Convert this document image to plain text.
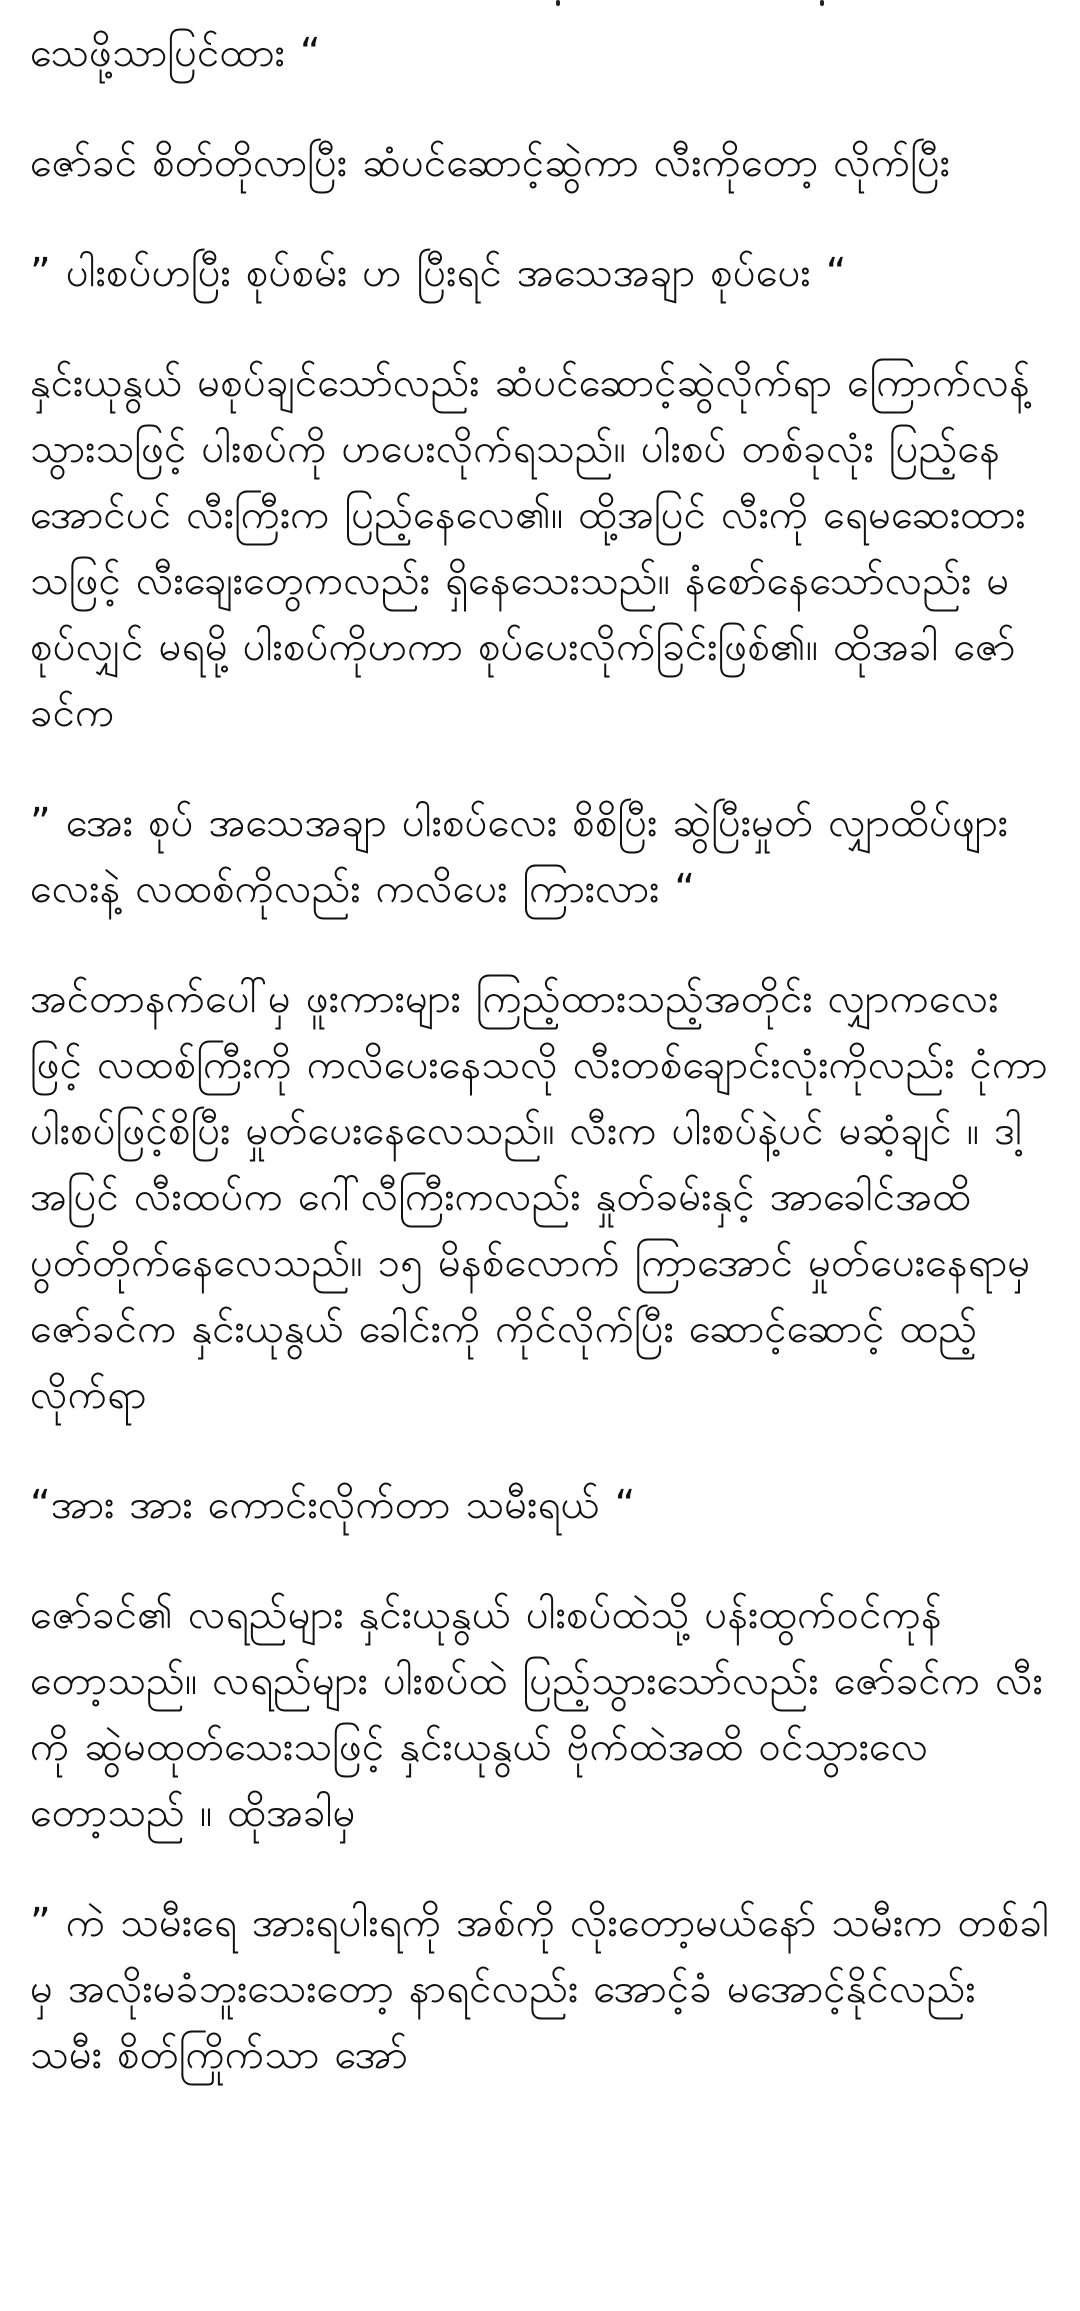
သေဖို့သာပြင်ထား “

ဇော်ခင် စိတ်တိုလာပြီး ဆံပင်ဆောင့်ဆွဲကာ လီးကိုတော့ လိုက်ပြီး

” ပါးစပ်ဟပြီး စုပ်စမ်း ဟ ပြီးရင် အသေအချာ စုပ်ပေး “

နှင်းယုနွယ် မစုပ်ချင်သော်လည်း ဆံပင်ဆောင့်ဆွဲလိုက်ရာ ကြောက်လန့်သွားသဖြင့် ပါးစပ်ကို ဟပေးလိုက်ရသည်။ ပါးစပ် တစ်ခုလုံး ပြည့်နေအောင်ပင် လီးကြီးက ပြည့်နေလေ၏။ ထို့အပြင် လီးကို ရေမဆေးထားသဖြင့် လီးချေးတွေကလည်း ရှိနေသေးသည်။ နံစော်နေသော်လည်း မစုပ်လျှင် မရမို့ ပါးစပ်ကိုဟကာ စုပ်ပေးလိုက်ခြင်းဖြစ်၏။ ထိုအခါ ဇော်ခင်က

” အေး စုပ် အသေအချာ ပါးစပ်လေး စိစိပြီး ဆွဲပြီးမှုတ် လျှာထိပ်ဖျားလေးနဲ့ လထစ်ကိုလည်း ကလိပေး ကြားလား “

အင်တာနက်ပေါ်မှ ဖူးကားများ ကြည့်ထားသည့်အတိုင်း လျှာကလေးဖြင့် လထစ်ကြီးကို ကလိပေးနေသလို လီးတစ်ချောင်းလုံးကိုလည်း ငုံကာ ပါးစပ်ဖြင့်စိပြီး မှုတ်ပေးနေလေသည်။ လီးက ပါးစပ်နဲ့ပင် မဆံ့ချင် ။ ဒါ့အပြင် လီးထပ်က ဂေါ်လီကြီးကလည်း နှုတ်ခမ်းနှင့် အာခေါင်အထိ ပွတ်တိုက်နေလေသည်။ ၁၅ မိနစ်လောက် ကြာအောင် မှုတ်ပေးနေရာမှ ဇော်ခင်က နှင်းယုနွယ် ခေါင်းကို ကိုင်လိုက်ပြီး ဆောင့်ဆောင့် ထည့်လိုက်ရာ

“အား အား ကောင်းလိုက်တာ သမီးရယ် “

ဇော်ခင်၏ လရည်များ နှင်းယုနွယ် ပါးစပ်ထဲသို့ ပန်းထွက်ဝင်ကုန်တော့သည်။ လရည်များ ပါးစပ်ထဲ ပြည့်သွားသော်လည်း ဇော်ခင်က လီးကို ဆွဲမထုတ်သေးသဖြင့် နှင်းယုနွယ် ဗိုက်ထဲအထိ ဝင်သွားလေတော့သည် ။ ထိုအခါမှ

” ကဲ သမီးရေ အားရပါးရကို အစ်ကို လိုးတော့မယ်နော် သမီးက တစ်ခါမှ အလိုးမခံဘူးသေးတော့ နာရင်လည်း အောင့်ခံ မအောင့်နိုင်လည်း သမီး စိတ်ကြိုက်သာ အော်
